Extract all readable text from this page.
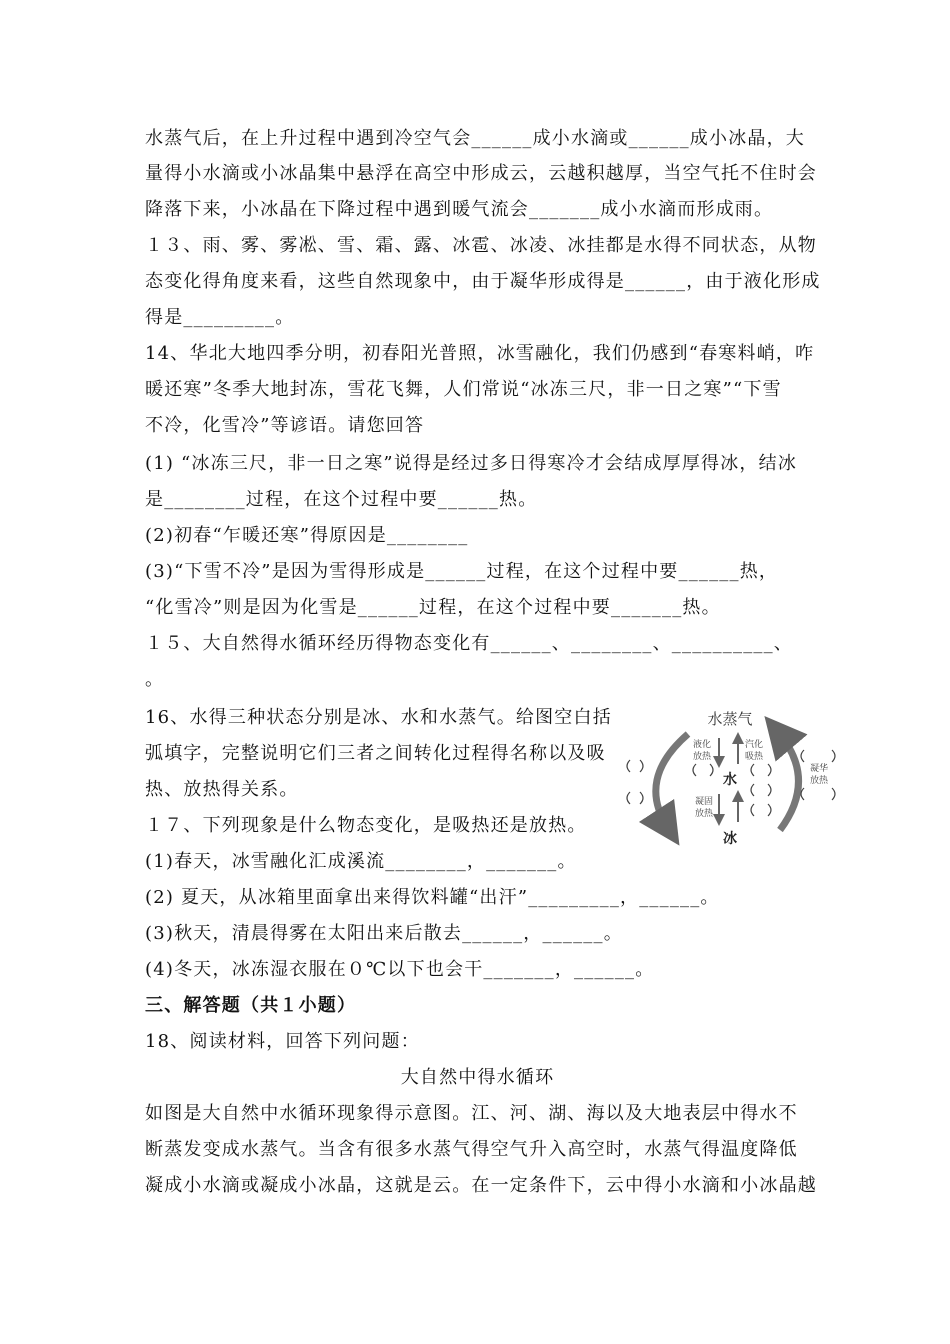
水蒸气后，在上升过程中遇到冷空气会______成小水滴或______成小冰晶，大
量得小水滴或小冰晶集中悬浮在高空中形成云，云越积越厚，当空气托不住时会
降落下来，小冰晶在下降过程中遇到暖气流会_______成小水滴而形成雨。
１３、雨、雾、雾凇、雪、霜、露、冰雹、冰凌、冰挂都是水得不同状态，从物
态变化得角度来看，这些自然现象中，由于凝华形成得是______，由于液化形成
得是_________。
14、华北大地四季分明，初春阳光普照，冰雪融化，我们仍感到“春寒料峭，咋
暖还寒”冬季大地封冻，雪花飞舞，人们常说“冰冻三尺，非一日之寒”“下雪
不冷，化雪冷”等谚语。请您回答
(1) “冰冻三尺，非一日之寒”说得是经过多日得寒冷才会结成厚厚得冰，结冰
是________过程，在这个过程中要______热。
(2)初春“乍暖还寒”得原因是________
(3)“下雪不冷”是因为雪得形成是______过程，在这个过程中要______热，
“化雪冷”则是因为化雪是______过程，在这个过程中要_______热。
１５、大自然得水循环经历得物态变化有______、________、__________、
。
16、水得三种状态分别是冰、水和水蒸气。给图空白括
弧填字，完整说明它们三者之间转化过程得名称以及吸
热、放热得关系。
１７、下列现象是什么物态变化，是吸热还是放热。
(1)春天，冰雪融化汇成溪流________，_______。
(2) 夏天，从冰箱里面拿出来得饮料罐“出汗”_________，______。
(3)秋天，清晨得雾在太阳出来后散去______，______。
(4)冬天，冰冻湿衣服在０℃以下也会干_______，______。
三、解答题（共１小题）
18、阅读材料，回答下列问题：
大自然中得水循环
如图是大自然中水循环现象得示意图。江、河、湖、海以及大地表层中得水不
断蒸发变成水蒸气。当含有很多水蒸气得空气升入高空时，水蒸气得温度降低
凝成小水滴或凝成小冰晶，这就是云。在一定条件下，云中得小水滴和小冰晶越
水蒸气
水
冰
液化
放热
汽化
吸热
凝固
放热
凝华
放热
